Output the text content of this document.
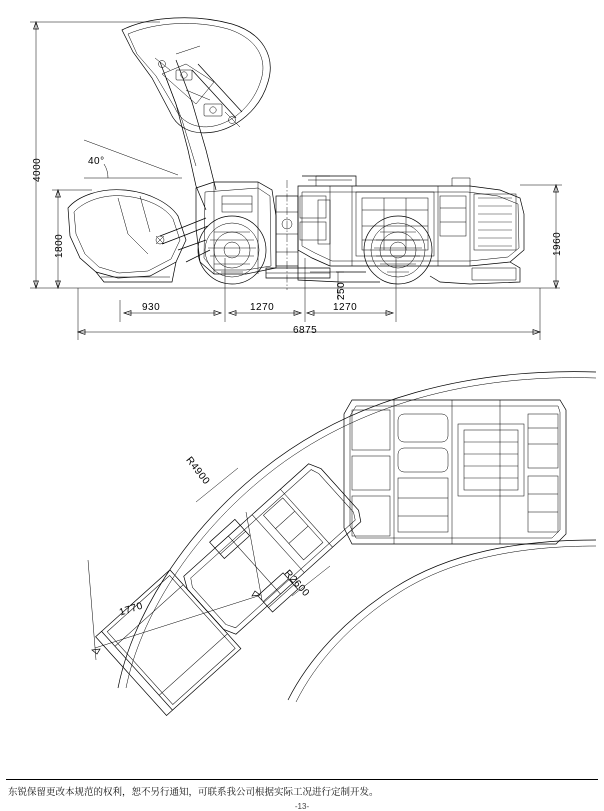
4000
1800	1960
250
40°
930	1270	1270
6875
R4900
R2600
1770
东锐保留更改本规范的权利，恕不另行通知，可联系我公司根据实际工况进行定制开发。
-13-
